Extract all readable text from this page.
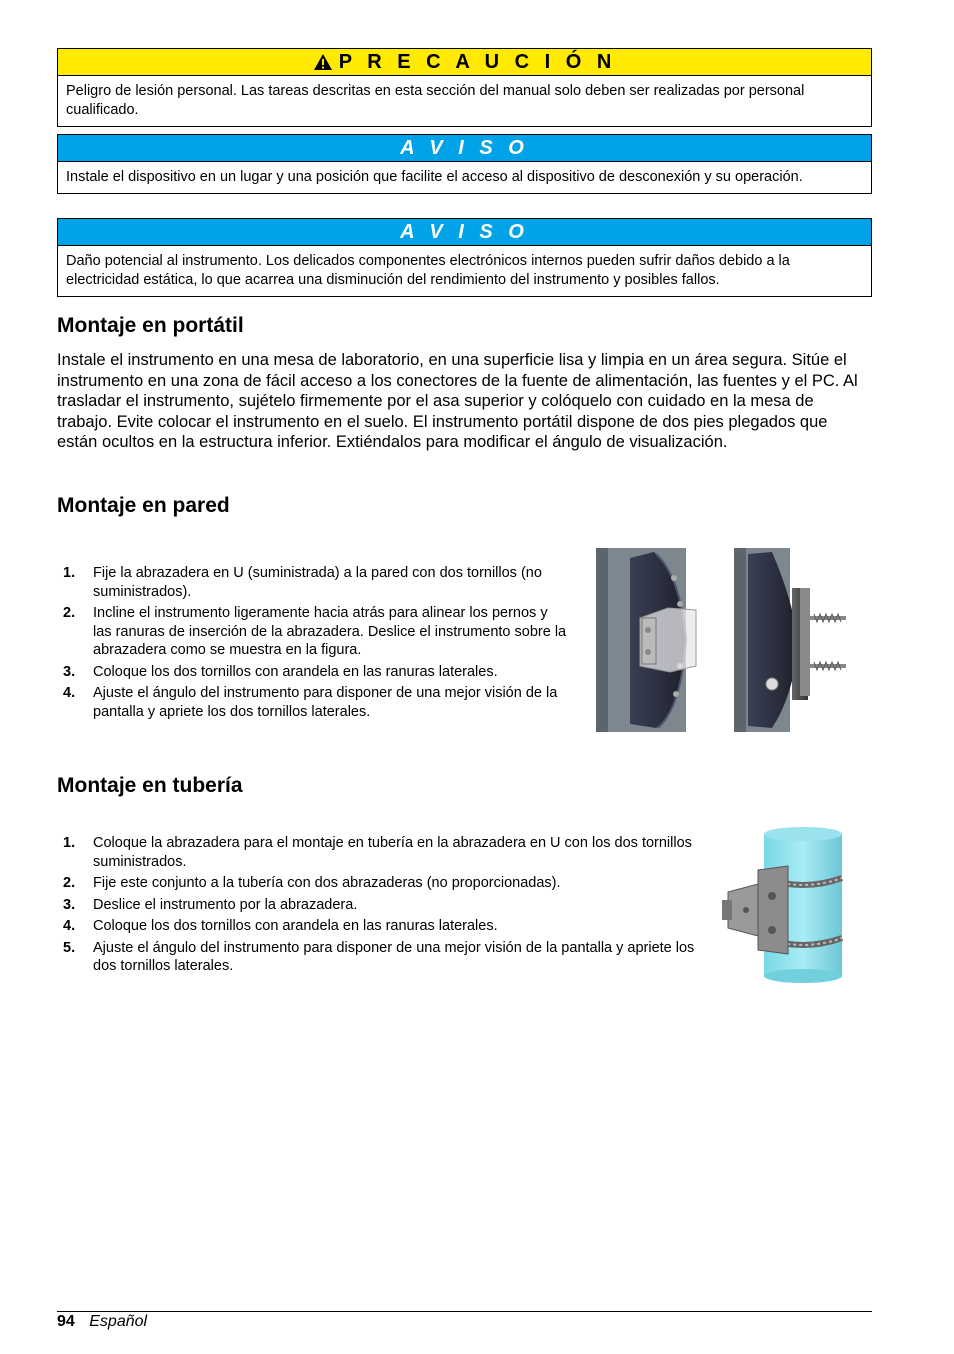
P R E C A U C I Ó N
Peligro de lesión personal. Las tareas descritas en esta sección del manual solo deben ser realizadas por personal cualificado.
A V I S O
Instale el dispositivo en un lugar y una posición que facilite el acceso al dispositivo de desconexión y su operación.
A V I S O
Daño potencial al instrumento. Los delicados componentes electrónicos internos pueden sufrir daños debido a la electricidad estática, lo que acarrea una disminución del rendimiento del instrumento y posibles fallos.
Montaje en portátil

Instale el instrumento en una mesa de laboratorio, en una superficie lisa y limpia en un área segura. Sitúe el instrumento en una zona de fácil acceso a los conectores de la fuente de alimentación, las fuentes y el PC. Al trasladar el instrumento, sujételo firmemente por el asa superior y colóquelo con cuidado en la mesa de trabajo. Evite colocar el instrumento en el suelo. El instrumento portátil dispone de dos pies plegados que están ocultos en la estructura inferior. Extiéndalos para modificar el ángulo de visualización.

Montaje en pared
1. Fije la abrazadera en U (suministrada) a la pared con dos tornillos (no suministrados).
2. Incline el instrumento ligeramente hacia atrás para alinear los pernos y las ranuras de inserción de la abrazadera. Deslice el instrumento sobre la abrazadera como se muestra en la figura.
3. Coloque los dos tornillos con arandela en las ranuras laterales.
4. Ajuste el ángulo del instrumento para disponer de una mejor visión de la pantalla y apriete los dos tornillos laterales.
Montaje en tubería
1. Coloque la abrazadera para el montaje en tubería en la abrazadera en U con los dos tornillos suministrados.
2. Fije este conjunto a la tubería con dos abrazaderas (no proporcionadas).
3. Deslice el instrumento por la abrazadera.
4. Coloque los dos tornillos con arandela en las ranuras laterales.
5. Ajuste el ángulo del instrumento para disponer de una mejor visión de la pantalla y apriete los dos tornillos laterales.
94 Español
